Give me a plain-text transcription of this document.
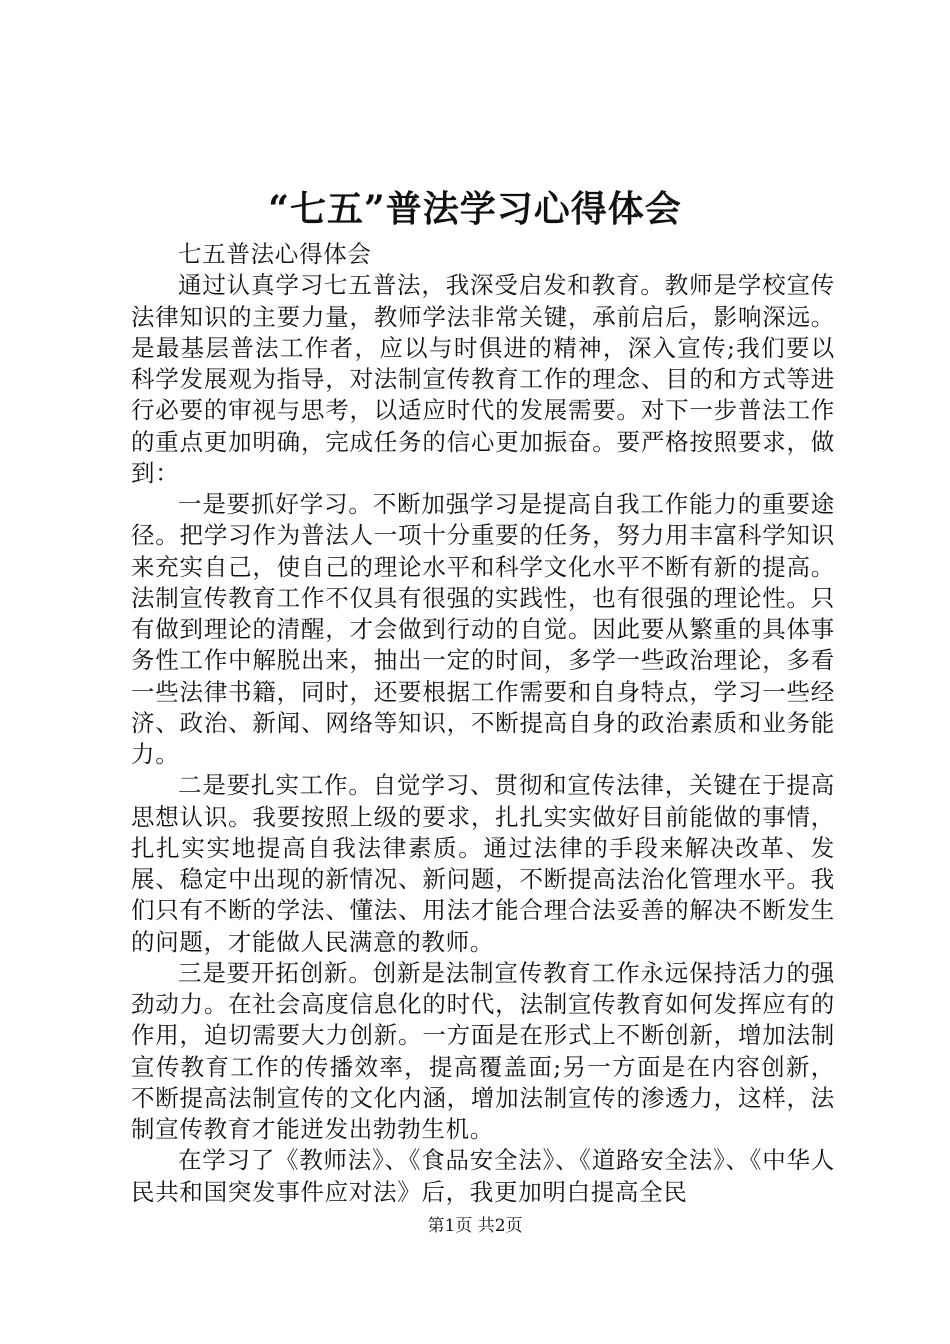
“七五”普法学习心得体会

七五普法心得体会

通过认真学习七五普法，我深受启发和教育。教师是学校宣传法律知识的主要力量，教师学法非常关键，承前启后，影响深远。是最基层普法工作者，应以与时俱进的精神，深入宣传;我们要以科学发展观为指导，对法制宣传教育工作的理念、目的和方式等进行必要的审视与思考，以适应时代的发展需要。对下一步普法工作的重点更加明确，完成任务的信心更加振奋。要严格按照要求，做到：

一是要抓好学习。不断加强学习是提高自我工作能力的重要途径。把学习作为普法人一项十分重要的任务，努力用丰富科学知识来充实自己，使自己的理论水平和科学文化水平不断有新的提高。法制宣传教育工作不仅具有很强的实践性，也有很强的理论性。只有做到理论的清醒，才会做到行动的自觉。因此要从繁重的具体事务性工作中解脱出来，抽出一定的时间，多学一些政治理论，多看一些法律书籍，同时，还要根据工作需要和自身特点，学习一些经济、政治、新闻、网络等知识，不断提高自身的政治素质和业务能力。

二是要扎实工作。自觉学习、贯彻和宣传法律，关键在于提高思想认识。我要按照上级的要求，扎扎实实做好目前能做的事情，扎扎实实地提高自我法律素质。通过法律的手段来解决改革、发展、稳定中出现的新情况、新问题，不断提高法治化管理水平。我们只有不断的学法、懂法、用法才能合理合法妥善的解决不断发生的问题，才能做人民满意的教师。

三是要开拓创新。创新是法制宣传教育工作永远保持活力的强劲动力。在社会高度信息化的时代，法制宣传教育如何发挥应有的作用，迫切需要大力创新。一方面是在形式上不断创新，增加法制宣传教育工作的传播效率，提高覆盖面;另一方面是在内容创新，不断提高法制宣传的文化内涵，增加法制宣传的渗透力，这样，法制宣传教育才能迸发出勃勃生机。

在学习了《教师法》、《食品安全法》、《道路安全法》、《中华人民共和国突发事件应对法》后，我更加明白提高全民

第1页 共2页
